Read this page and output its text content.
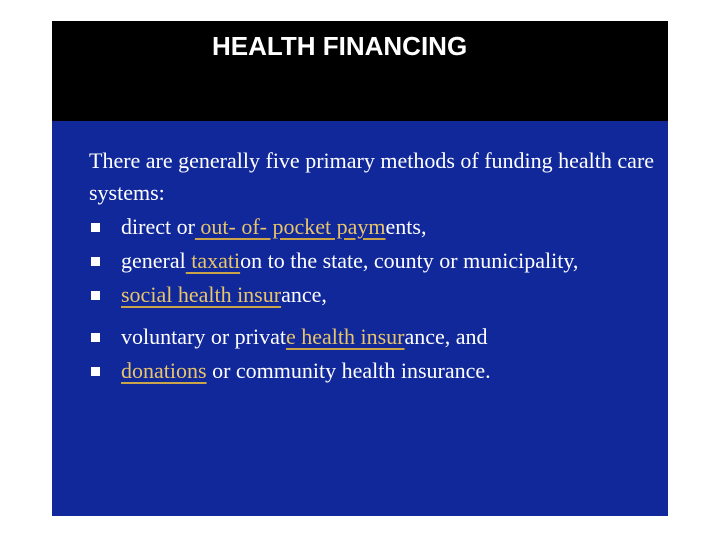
HEALTH FINANCING

There are generally five primary methods of funding health care systems:

direct or out- of- pocket payments,
general taxation to the state, county or municipality,
social health insurance,
voluntary or private health insurance, and
donations or community health insurance.
